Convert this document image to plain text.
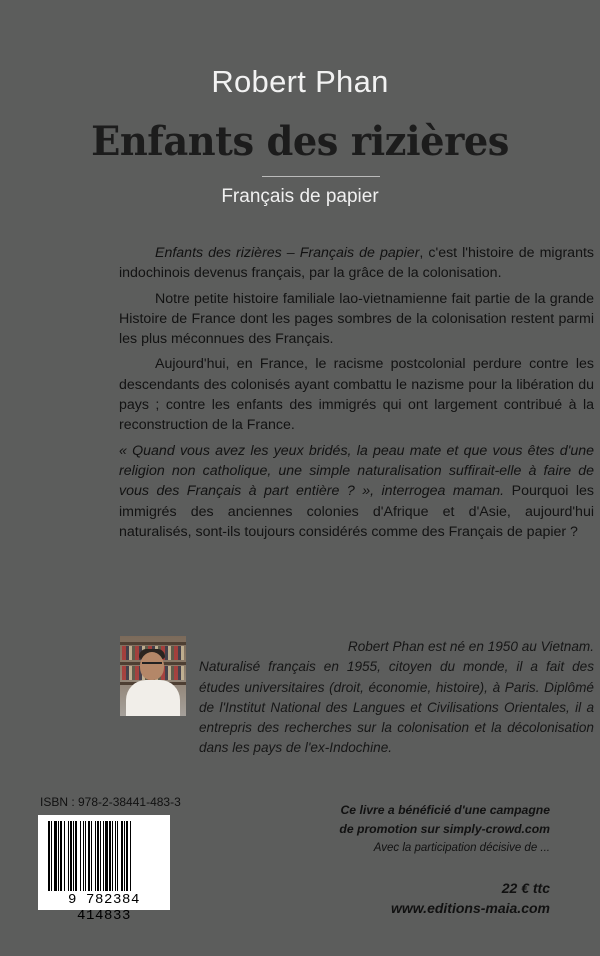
Robert Phan
Enfants des rizières
Français de papier

Enfants des rizières – Français de papier, c'est l'histoire de migrants indochinois devenus français, par la grâce de la colonisation.

Notre petite histoire familiale lao-vietnamienne fait partie de la grande Histoire de France dont les pages sombres de la colonisation restent parmi les plus méconnues des Français.

Aujourd'hui, en France, le racisme postcolonial perdure contre les descendants des colonisés ayant combattu le nazisme pour la libération du pays ; contre les enfants des immigrés qui ont largement contribué à la reconstruction de la France.

« Quand vous avez les yeux bridés, la peau mate et que vous êtes d'une religion non catholique, une simple naturalisation suffirait-elle à faire de vous des Français à part entière ? », interrogea maman. Pourquoi les immigrés des anciennes colonies d'Afrique et d'Asie, aujourd'hui naturalisés, sont-ils toujours considérés comme des Français de papier ?

Robert Phan est né en 1950 au Vietnam.
Naturalisé français en 1955, citoyen du monde, il a fait des études universitaires (droit, économie, histoire), à Paris. Diplômé de l'Institut National des Langues et Civilisations Orientales, il a entrepris des recherches sur la colonisation et la décolonisation dans les pays de l'ex-Indochine.
ISBN : 978-2-38441-483-3
9 782384 414833
Ce livre a bénéficié d'une campagne
de promotion sur simply-crowd.com
Avec la participation décisive de ...
22 € ttc
www.editions-maia.com
